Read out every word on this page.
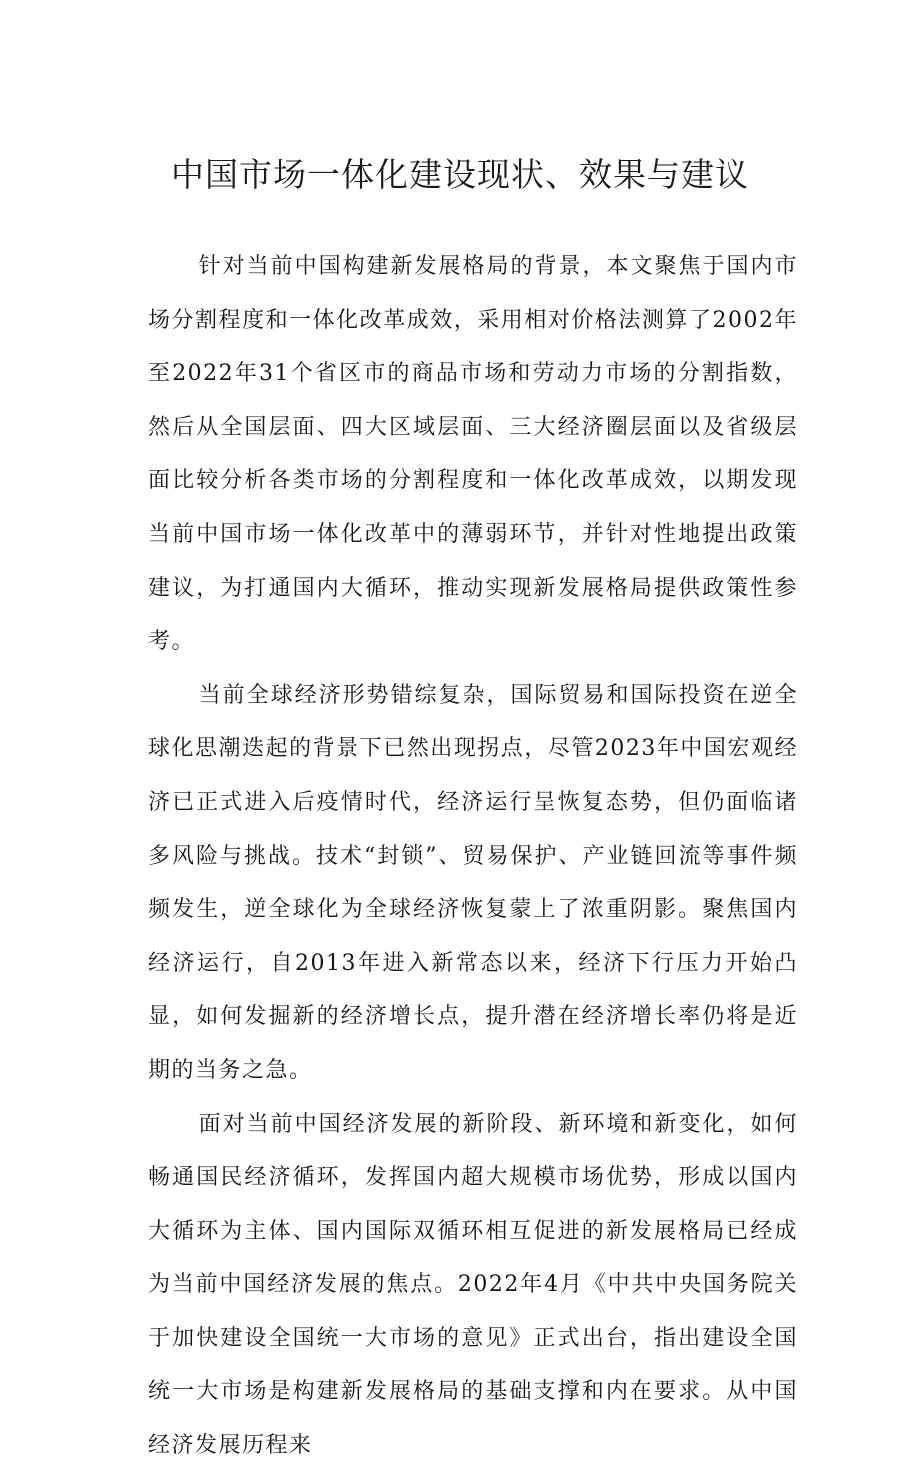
中国市场一体化建设现状、效果与建议

针对当前中国构建新发展格局的背景，本文聚焦于国内市场分割程度和一体化改革成效，采用相对价格法测算了2002年至2022年31个省区市的商品市场和劳动力市场的分割指数，然后从全国层面、四大区域层面、三大经济圈层面以及省级层面比较分析各类市场的分割程度和一体化改革成效，以期发现当前中国市场一体化改革中的薄弱环节，并针对性地提出政策建议，为打通国内大循环，推动实现新发展格局提供政策性参考。

当前全球经济形势错综复杂，国际贸易和国际投资在逆全球化思潮迭起的背景下已然出现拐点，尽管2023年中国宏观经济已正式进入后疫情时代，经济运行呈恢复态势，但仍面临诸多风险与挑战。技术“封锁”、贸易保护、产业链回流等事件频频发生，逆全球化为全球经济恢复蒙上了浓重阴影。聚焦国内经济运行，自2013年进入新常态以来，经济下行压力开始凸显，如何发掘新的经济增长点，提升潜在经济增长率仍将是近期的当务之急。

面对当前中国经济发展的新阶段、新环境和新变化，如何畅通国民经济循环，发挥国内超大规模市场优势，形成以国内大循环为主体、国内国际双循环相互促进的新发展格局已经成为当前中国经济发展的焦点。2022年4月《中共中央国务院关于加快建设全国统一大市场的意见》正式出台，指出建设全国统一大市场是构建新发展格局的基础支撑和内在要求。从中国经济发展历程来
